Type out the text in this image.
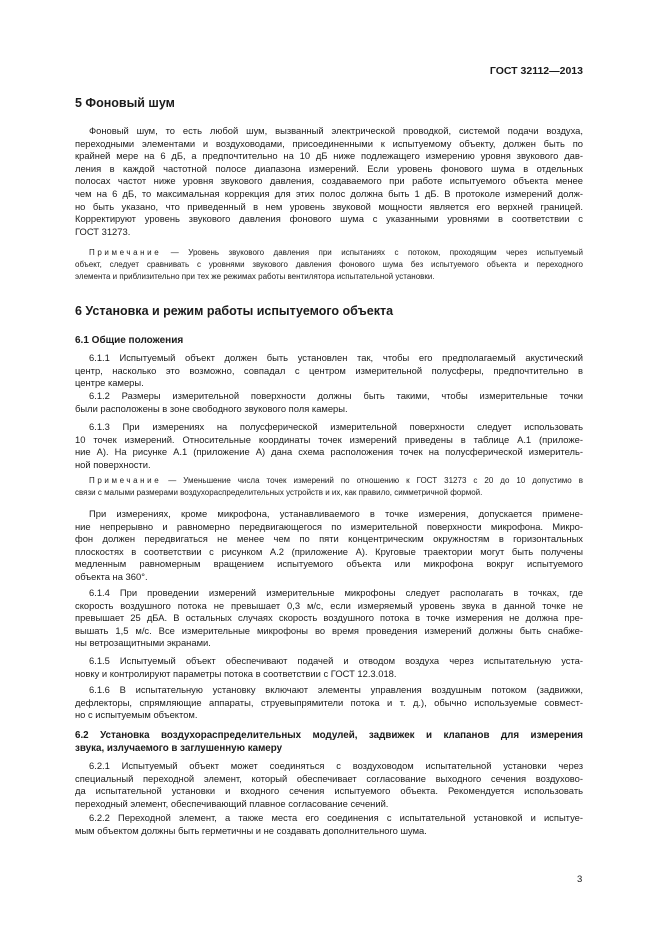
ГОСТ 32112—2013
5 Фоновый шум
Фоновый шум, то есть любой шум, вызванный электрической проводкой, системой подачи воздуха,
переходными элементами и воздуховодами, присоединенными к испытуемому объекту, должен быть по
крайней мере на 6 дБ, а предпочтительно на 10 дБ ниже подлежащего измерению уровня звукового дав-
ления в каждой частотной полосе диапазона измерений. Если уровень фонового шума в отдельных
полосах частот ниже уровня звукового давления, создаваемого при работе испытуемого объекта менее
чем на 6 дБ, то максимальная коррекция для этих полос должна быть 1 дБ. В протоколе измерений долж-
но быть указано, что приведенный в нем уровень звуковой мощности является его верхней границей.
Корректируют уровень звукового давления фонового шума с указанными уровнями в соответствии с
ГОСТ 31273.
Примечание — Уровень звукового давления при испытаниях с потоком, проходящим через испытуемый
объект, следует сравнивать с уровнями звукового давления фонового шума без испытуемого объекта и переходного
элемента и приблизительно при тех же режимах работы вентилятора испытательной установки.
6 Установка и режим работы испытуемого объекта
6.1 Общие положения
6.1.1 Испытуемый объект должен быть установлен так, чтобы его предполагаемый акустический
центр, насколько это возможно, совпадал с центром измерительной полусферы, предпочтительно в
центре камеры.
6.1.2 Размеры измерительной поверхности должны быть такими, чтобы измерительные точки
были расположены в зоне свободного звукового поля камеры.
6.1.3 При измерениях на полусферической измерительной поверхности следует использовать
10 точек измерений. Относительные координаты точек измерений приведены в таблице А.1 (приложе-
ние А). На рисунке А.1 (приложение А) дана схема расположения точек на полусферической измеритель-
ной поверхности.
Примечание — Уменьшение числа точек измерений по отношению к ГОСТ 31273 с 20 до 10 допустимо в
связи с малыми размерами воздухораспределительных устройств и их, как правило, симметричной формой.
При измерениях, кроме микрофона, устанавливаемого в точке измерения, допускается примене-
ние непрерывно и равномерно передвигающегося по измерительной поверхности микрофона. Микро-
фон должен передвигаться не менее чем по пяти концентрическим окружностям в горизонтальных
плоскостях в соответствии с рисунком А.2 (приложение А). Круговые траектории могут быть получены
медленным равномерным вращением испытуемого объекта или микрофона вокруг испытуемого
объекта на 360°.
6.1.4 При проведении измерений измерительные микрофоны следует располагать в точках, где
скорость воздушного потока не превышает 0,3 м/с, если измеряемый уровень звука в данной точке не
превышает 25 дБА. В остальных случаях скорость воздушного потока в точке измерения не должна пре-
вышать 1,5 м/с. Все измерительные микрофоны во время проведения измерений должны быть снабже-
ны ветрозащитными экранами.
6.1.5 Испытуемый объект обеспечивают подачей и отводом воздуха через испытательную уста-
новку и контролируют параметры потока в соответствии с ГОСТ 12.3.018.
6.1.6 В испытательную установку включают элементы управления воздушным потоком (задвижки,
дефлекторы, спрямляющие аппараты, струевыпрямители потока и т. д.), обычно используемые совмест-
но с испытуемым объектом.
6.2 Установка воздухораспределительных модулей, задвижек и клапанов для измерения
звука, излучаемого в заглушенную камеру
6.2.1 Испытуемый объект может соединяться с воздуховодом испытательной установки через
специальный переходной элемент, который обеспечивает согласование выходного сечения воздухово-
да испытательной установки и входного сечения испытуемого объекта. Рекомендуется использовать
переходный элемент, обеспечивающий плавное согласование сечений.
6.2.2 Переходной элемент, а также места его соединения с испытательной установкой и испытуе-
мым объектом должны быть герметичны и не создавать дополнительного шума.
3
